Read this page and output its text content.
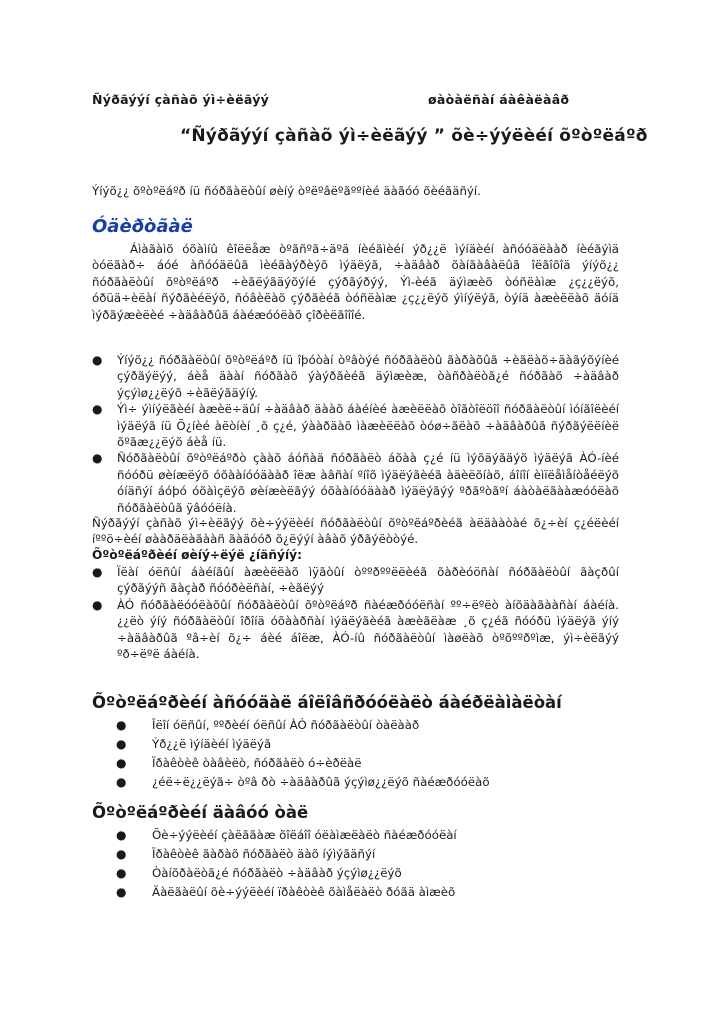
Ñýðãýýí çàñàõ ýì÷èëãýý	øàòàëñàí áàêàëàâð
“Ñýðãýýí çàñàõ ýì÷èëãýý ” õè÷ýýëèéí õºòºëáºð
Ýíýõ¿¿ õºòºëáºð íü ñóðãàëòûí øèíý òºëºâëºãººíèé äàãóó õèéãäñýí.
Óäèðòãàë
Áìàãàìõ óõàìíû êîëëåæ òºãñºã÷äºä íèéãìèéí ýð¿¿ë ìýíäèéí àñóóäëààð íèéãýìä òóëãàð÷ áóé àñóóäëûã ìèéãàýðèýõ ìýäëýã, ÷àäâàð õàíãàâàëûã îëãîõîä ýíýõ¿¿ ñóðãàëòûí õºòºëáºð ÷èãëýãäýõýíé çýðãýðýý, Ýì-èéã äýìæèõ òóñëàìæ ¿ç¿¿ëýõ, óðüä÷èëàí ñýðãèéëýõ, ñóâèëàõ çýðãèéã òóñëàìæ ¿ç¿¿ëýõ ýìíýëýã, òýíä àæèëëàõ äóíä ìýðãýæèëèé ÷àäâàðûã áàéæóóëàõ çîðèëãîîîé.
● Ýíýõ¿¿ ñóðãàëòûí õºòºëáºð íü îþóòàí òºâòýé ñóðãàëòû ãàðàõûã ÷èãëàõ÷äàãýõýíèé çýðãýëýý, áèå äààí ñóðãàõ ýàýðãèéã äýìæèæ, òàñðàëòã¿é ñóðãàõ ÷àäâàð ýçýìø¿¿ëýõ ÷èãëýãäýíý.
● Ýì÷ ýìíýëãèéí àæèë÷äûí ÷àäâàð äààõ áàéíèé àæèëëàõ òîãòîëöîî ñóðãàëòûí ìóíãîëèéí ìýäëýã íü Õ¿íèé àëòíèí ¸õ ç¿é, ýààðäàõ ìàæèëëàõ òóø÷ãëàõ ÷àäâàðûã ñýðãýëëíèë õºãæ¿¿ëýõ áèå íü.
● Ñóðãàëòûí õºòºëáºðò çààõ áóñàä ñóðãàëò áõàà ç¿é íü ìýõäýãäýõ ìýäëýã ÀÓ-íèé ñóóðü øèíæëýõ óõààíóóäààð îëæ àâñàí ºíîõ ìýäëýãèéã àäèëõíàõ, áîíîí èìïëåìåíòåéëýõ óíäñýí áóþó óõàìçëýõ øèíæèëãýý óõààíóóäààð ìýäëýãýý ºðãºòãºí áàòàëãààæóóëàõ ñóðãàëòûã ÿâóóëíà.
Ñýðãýýí çàñàõ ýì÷èëãýý õè÷ýýëèéí ñóðãàëòûí õºòºëáºðèéã àëäààòàé õ¿÷èí ç¿éëèéí íººö÷èéí øààðäëàãààñ ãàäóóð õ¿ëýýí àâàõ ýðãýëòòýé.
Õºòºëáºðèéí øèíý÷ëýë ¿íäñýíý:
● Ïëàí óëñûí áàéíãûí àæèëëàõ ìÿãòûí òººðººëëèéã õàðèóöñàí ñóðãàëòûí ãàçðûí çýðãýýñ ãàçàð ñóóðèëñàí, ÷èãëýý
● ÀÓ ñóðãàëóóëàõûí ñóðãàëòûí õºòºëáºð ñàéæðóóëñàí ºº÷ëºëò àíõäàãààñàí áàéíà. ¿¿ëò ýíý ñóðãàëòûí îðîíä óõààðñàí ìýäëýãèéã àæèãëàæ ¸õ ç¿éã ñóóðü ìýäëýã ýíý ÷àäâàðûã ºâ÷èí õ¿÷ áèé áîëæ, ÀÓ-íû ñóðãàëòûí ìàøëàõ òºõººðºìæ, ýì÷èëãýý ºð÷ëºë áàéíà.
Õºòºëáºðèéí àñóóäàë áîëîâñðóóëàëò áàéðëàìàëòàí
● Îëîí óëñûí, ººðèéí óëñûí ÀÓ ñóðãàëòûí òàëààð
● Ýð¿¿ë ìýíäèéí ìýäëýã
● Ïðàêòèê òàâèëò, ñóðãàëò ó÷èðëàë
● ¿éë÷ë¿¿ëýã÷ òºâ ðò ÷àäâàðûã ýçýìø¿¿ëýõ ñàéæðóóëàõ
Õºòºëáºðèéí äàâóó òàë
● Õè÷ýýëèéí çàëããàæ õîëáîî óëàìæëàëò ñàéæðóóëàí
● Ïðàêòèê ãàðàõ ñóðãàëò äàõ íýìýãäñýí
● Òàíõðàëòã¿é ñóðãàëò ÷àäâàð ýçýìø¿¿ëýõ
● Äàëãàëûí õè÷ýýëèéí ïðàêòèê õàìåëàëò ðóãä àìæèõ
